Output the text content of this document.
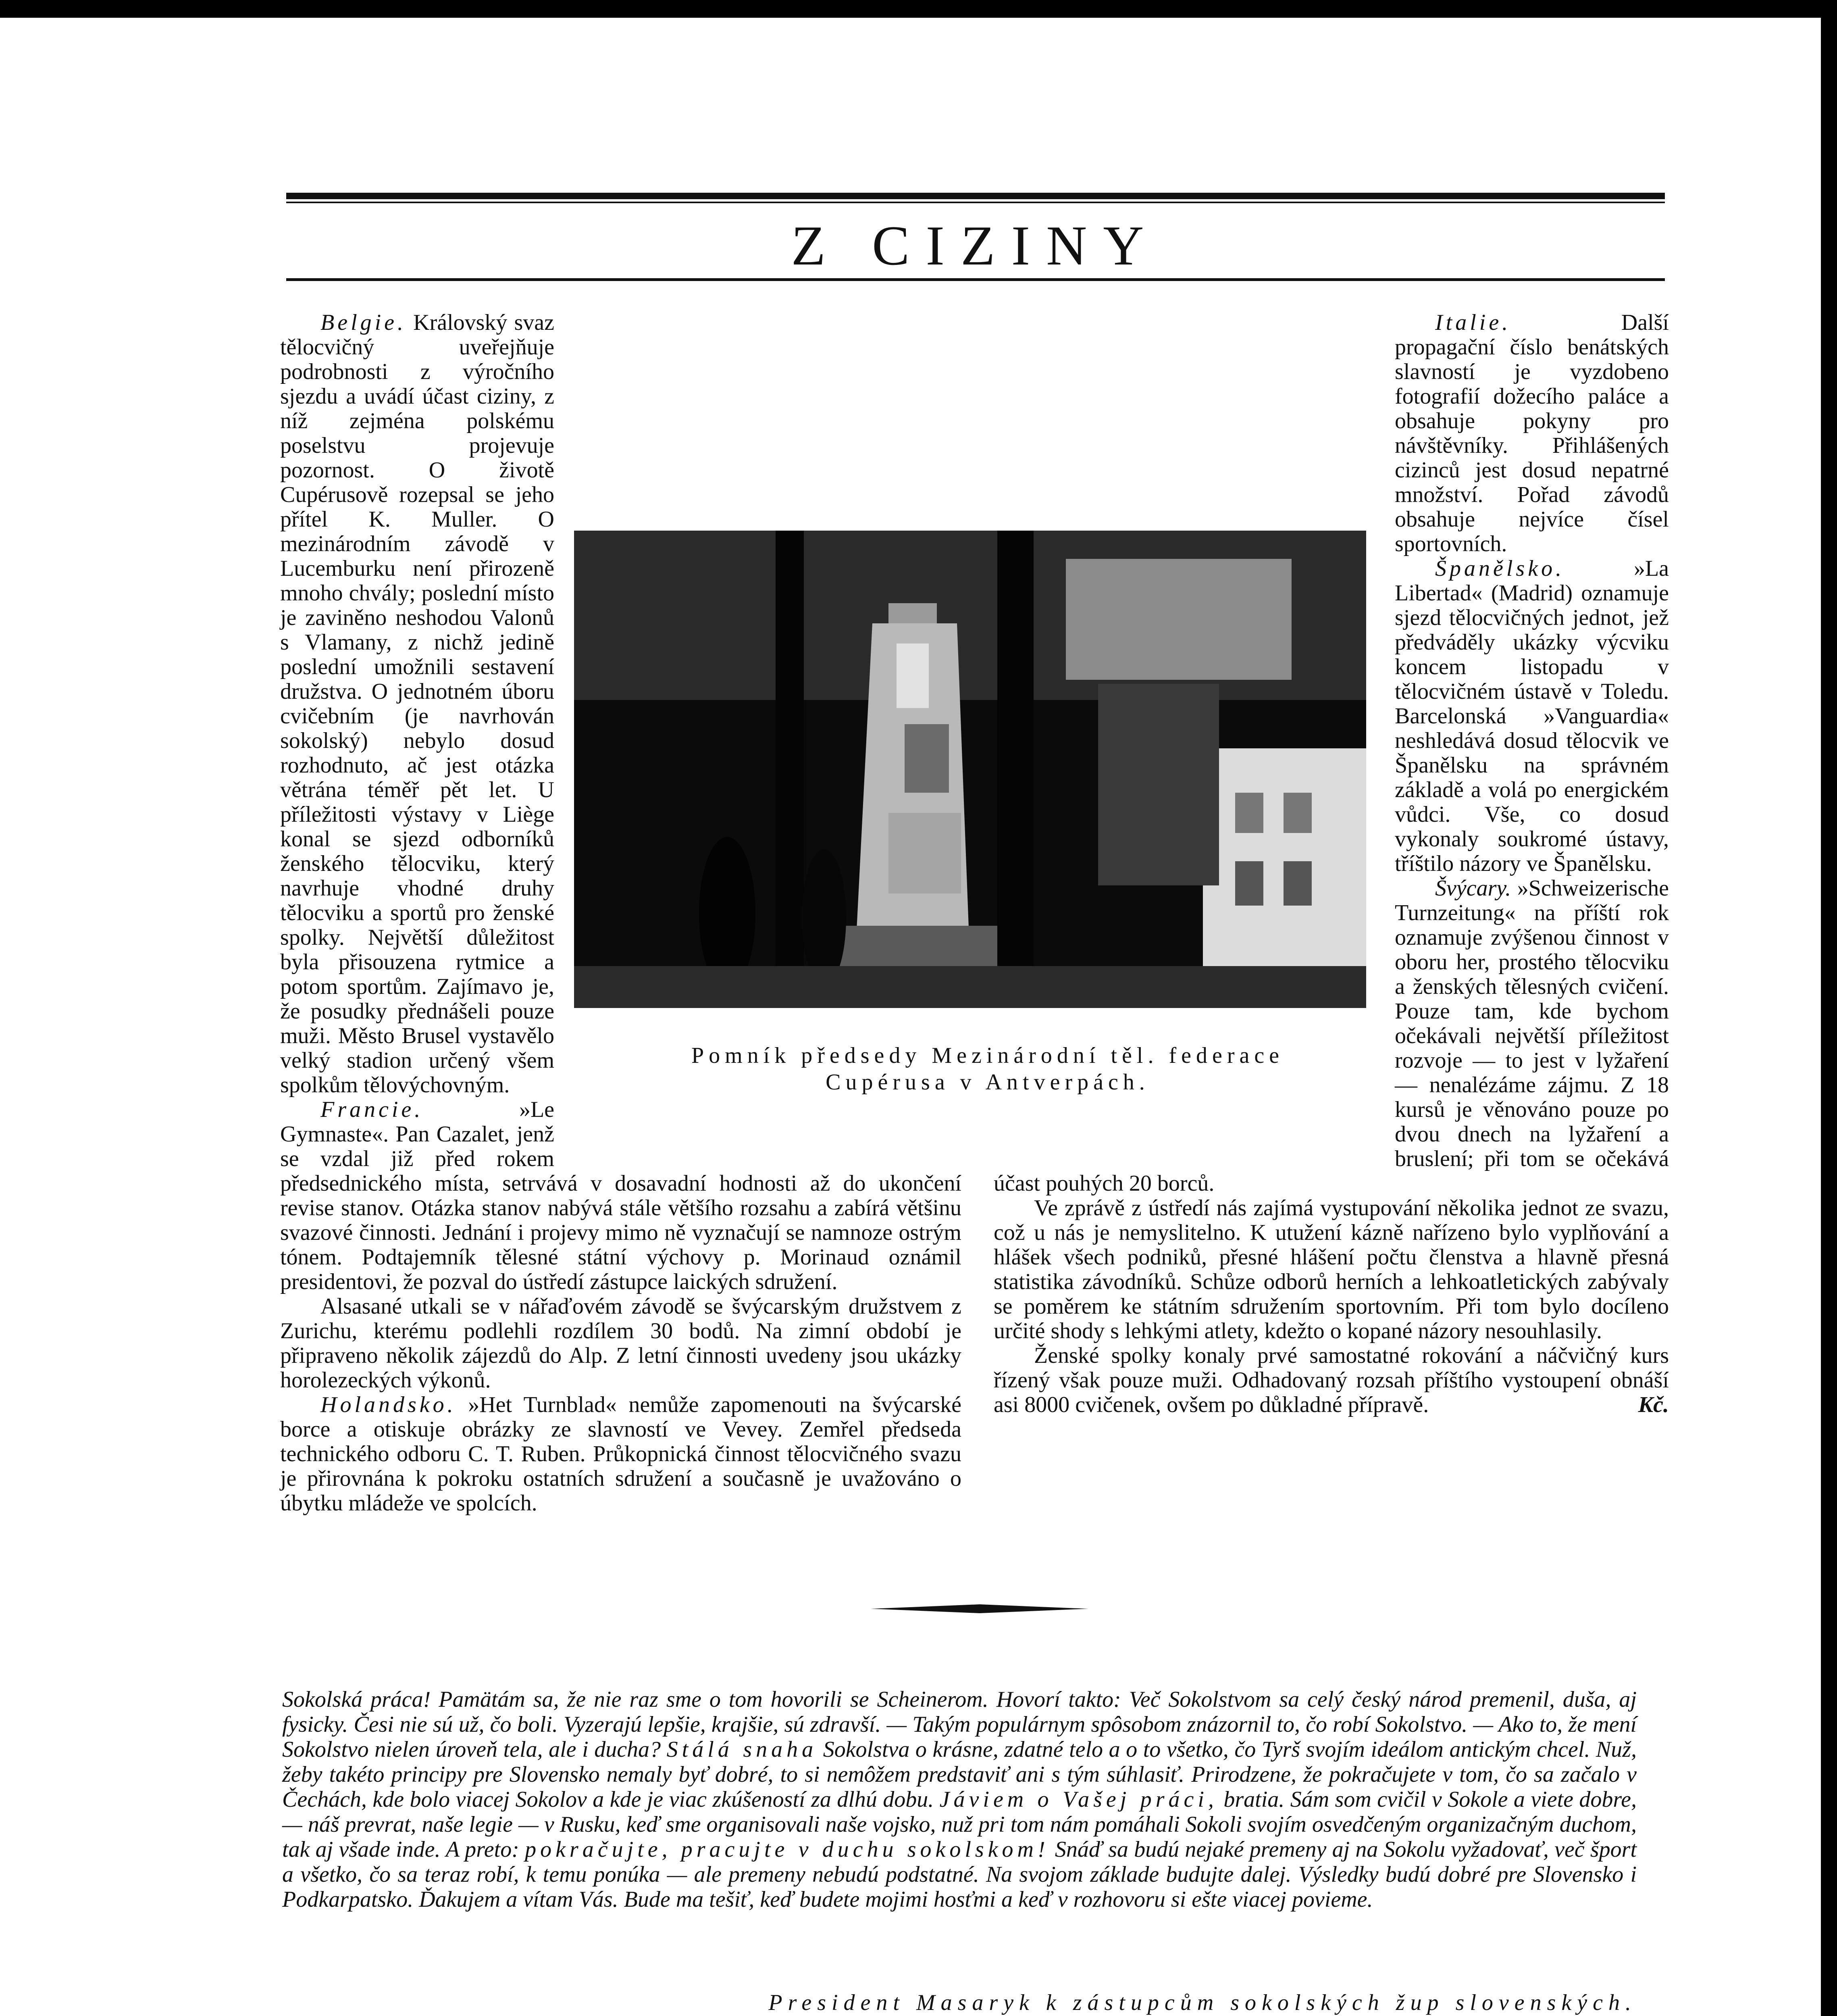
Z CIZINY
Pomník předsedy Mezinárodní těl. federace
Cupérusa v Antverpách.

Belgie. Královský svaz tělocvičný uveřejňuje podrobnosti z výročního sjezdu a uvádí účast ciziny, z níž zejména polskému poselstvu projevuje pozornost. O životě Cupérusově rozepsal se jeho přítel K. Muller. O mezinárodním závodě v Lucemburku není přirozeně mnoho chvály; poslední místo je zaviněno neshodou Valonů s Vlamany, z nichž jedině poslední umožnili sestavení družstva. O jednotném úboru cvičebním (je navrhován sokolský) nebylo dosud rozhodnuto, ač jest otázka větrána téměř pět let. U příležitosti výstavy v Liège konal se sjezd odborníků ženského tělocviku, který navrhuje vhodné druhy tělocviku a sportů pro ženské spolky. Největší důležitost byla přisouzena rytmice a potom sportům. Zajímavo je, že posudky přednášeli pouze muži. Město Brusel vystavělo velký stadion určený všem spolkům tělovýchovným.

Francie.	»Le Gymnaste«. Pan Cazalet, jenž se vzdal již před rokem předsednického místa, setrvává v dosavadní hodnosti až do ukončení revise stanov. Otázka stanov nabývá stále většího rozsahu a zabírá většinu svazové činnosti. Jednání i projevy mimo ně vyznačují se namnoze ostrým tónem. Podtajemník tělesné státní výchovy p. Morinaud oznámil presidentovi, že pozval do ústředí zástupce laických sdružení.

Alsasané utkali se v nářaďovém závodě se švýcarským družstvem z Zurichu, kterému podlehli rozdílem 30 bodů. Na zimní období je připraveno několik zájezdů do Alp. Z letní činnosti uvedeny jsou ukázky horolezeckých výkonů.

Holandsko. »Het Turnblad« nemůže zapomenouti na švýcarské borce a otiskuje obrázky ze slavností ve Vevey. Zemřel předseda technického odboru C. T. Ruben. Průkopnická činnost tělocvičného svazu je přirovnána k pokroku ostatních sdružení a současně je uvažováno o úbytku mládeže ve spolcích.

Italie.	Další propagační číslo benátských slavností je vyzdobeno fotografií dožecího paláce a obsahuje pokyny pro návštěvníky. Přihlášených cizinců jest dosud nepatrné množství. Pořad závodů obsahuje nejvíce čísel sportovních.

Španělsko.	»La Libertad« (Madrid) oznamuje sjezd tělocvičných jednot, jež předváděly ukázky výcviku koncem listopadu v tělocvičném ústavě v Toledu. Barcelonská »Vanguardia« neshledává dosud tělocvik ve Španělsku na správném základě a volá po energickém vůdci. Vše, co dosud vykonaly soukromé ústavy, tříštilo názory ve Španělsku.

Švýcary. »Schweizerische Turnzeitung« na příští rok oznamuje zvýšenou činnost v oboru her, prostého tělocviku a ženských tělesných cvičení. Pouze tam, kde bychom očekávali největší příležitost rozvoje — to jest v lyžaření — nenalézáme zájmu. Z 18 kursů je věnováno pouze po dvou dnech na lyžaření a bruslení; při tom se očekává účast pouhých 20 borců.

Ve zprávě z ústředí nás zajímá vystupování několika jednot ze svazu, což u nás je nemyslitelno. K utužení kázně nařízeno bylo vyplňování a hlášek všech podniků, přesné hlášení počtu členstva a hlavně přesná statistika závodníků. Schůze odborů herních a lehkoatletických zabývaly se poměrem ke státním sdružením sportovním. Při tom bylo docíleno určité shody s lehkými atlety, kdežto o kopané názory nesouhlasily.

Ženské spolky konaly prvé samostatné rokování a náčvičný kurs řízený však pouze muži. Odhadovaný rozsah příštího vystoupení obnáší asi 8000 cvičenek, ovšem po důkladné přípravě.	Kč.

Sokolská práca! Pamätám sa, že nie raz sme o tom hovorili se Scheinerom. Hovorí takto: Več Sokolstvom sa celý český národ premenil, duša, aj fysicky. Česi nie sú už, čo boli. Vyzerajú lepšie, krajšie, sú zdravší. — Takým populárnym spôsobom znázornil to, čo robí Sokolstvo. — Ako to, že mení Sokolstvo nielen úroveň tela, ale i ducha? Stálá snaha Sokolstva o krásne, zdatné telo a o to všetko, čo Tyrš svojím ideálom antickým chcel. Nuž, žeby takéto principy pre Slovensko nemaly byť dobré, to si nemôžem predstaviť ani s tým súhlasiť. Prirodzene, že pokračujete v tom, čo sa začalo v Čechách, kde bolo viacej Sokolov a kde je viac zkúšeností za dlhú dobu. Jáviem o Vašej práci, bratia. Sám som cvičil v Sokole a viete dobre, — náš prevrat, naše legie — v Rusku, keď sme organisovali naše vojsko, nuž pri tom nám pomáhali Sokoli svojím osvedčeným organizačným duchom, tak aj všade inde. A preto: pokračujte, pracujte v duchu sokolskom! Snáď sa budú nejaké premeny aj na Sokolu vyžadovať, več šport a všetko, čo sa teraz robí, k temu ponúka — ale premeny nebudú podstatné. Na svojom základe budujte dalej. Výsledky budú dobré pre Slovensko i Podkarpatsko. Ďakujem a vítam Vás. Bude ma tešiť, keď budete mojimi hosťmi a keď v rozhovoru si ešte viacej povieme.
President Masaryk k zástupcům sokolských žup slovenských.
